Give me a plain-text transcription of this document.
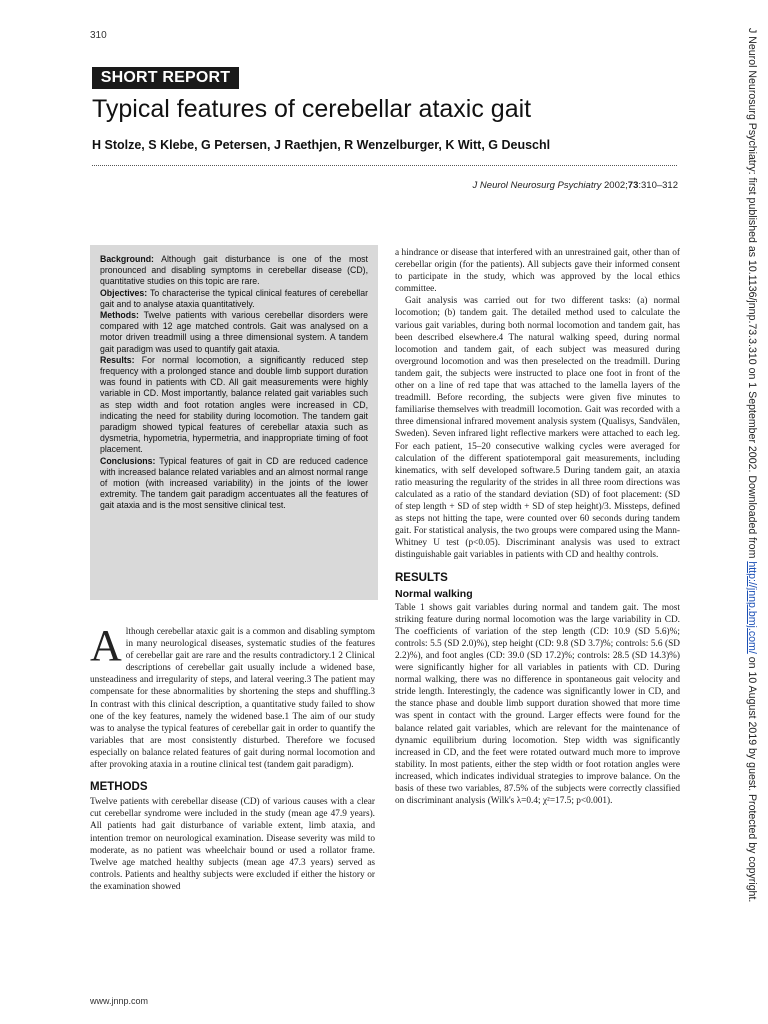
310
SHORT REPORT
Typical features of cerebellar ataxic gait
H Stolze, S Klebe, G Petersen, J Raethjen, R Wenzelburger, K Witt, G Deuschl
J Neurol Neurosurg Psychiatry 2002;73:310–312

Background: Although gait disturbance is one of the most pronounced and disabling symptoms in cerebellar disease (CD), quantitative studies on this topic are rare.

Objectives: To characterise the typical clinical features of cerebellar gait and to analyse ataxia quantitatively.

Methods: Twelve patients with various cerebellar disorders were compared with 12 age matched controls. Gait was analysed on a motor driven treadmill using a three dimensional system. A tandem gait paradigm was used to quantify gait ataxia.

Results: For normal locomotion, a significantly reduced step frequency with a prolonged stance and double limb support duration was found in patients with CD. All gait measurements were highly variable in CD. Most importantly, balance related gait variables such as step width and foot rotation angles were increased in CD, indicating the need for stability during locomotion. The tandem gait paradigm showed typical features of cerebellar ataxia such as dysmetria, hypometria, hypermetria, and inappropriate timing of foot placement.

Conclusions: Typical features of gait in CD are reduced cadence with increased balance related variables and an almost normal range of motion (with increased variability) in the joints of the lower extremity. The tandem gait paradigm accentuates all the features of gait ataxia and is the most sensitive clinical test.

Although cerebellar ataxic gait is a common and disabling symptom in many neurological diseases, systematic studies of the features of cerebellar gait are rare and the results contradictory.1 2 Clinical descriptions of cerebellar gait usually include a widened base, unsteadiness and irregularity of steps, and lateral veering.3 The patient may compensate for these abnormalities by shortening the steps and shuffling.3 In contrast with this clinical description, a quantitative study failed to show one of the key features, namely the widened base.1 The aim of our study was to analyse the typical features of cerebellar gait in order to quantify the variables that are most consistently disturbed. Therefore we focused especially on balance related features of gait during normal locomotion and after provoking ataxia in a routine clinical test (tandem gait paradigm).

METHODS

Twelve patients with cerebellar disease (CD) of various causes with a clear cut cerebellar syndrome were included in the study (mean age 47.9 years). All patients had gait disturbance of variable extent, limb ataxia, and intention tremor on neurological examination. Disease severity was mild to moderate, as no patient was wheelchair bound or used a rollator frame. Twelve age matched healthy subjects (mean age 47.3 years) served as controls. Patients and healthy subjects were excluded if either the history or the examination showed

a hindrance or disease that interfered with an unrestrained gait, other than of cerebellar origin (for the patients). All subjects gave their informed consent to participate in the study, which was approved by the local ethics committee.

Gait analysis was carried out for two different tasks: (a) normal locomotion; (b) tandem gait. The detailed method used to calculate the various gait variables, during both normal locomotion and tandem gait, has been described elsewhere.4 The natural walking speed, during normal locomotion and tandem gait, of each subject was measured during overground locomotion and was then preselected on the treadmill. During tandem gait, the subjects were instructed to place one foot in front of the other on a line of red tape that was attached to the lamella layers of the treadmill. Before recording, the subjects were given five minutes to familiarise themselves with treadmill locomotion. Gait was recorded with a three dimensional infrared movement analysis system (Qualisys, Sandvälen, Sweden). Seven infrared light reflective markers were attached to each leg. For each patient, 15–20 consecutive walking cycles were averaged for calculation of the different spatiotemporal gait measurements, including kinematics, with self developed software.5 During tandem gait, an ataxia ratio measuring the regularity of the strides in all three room directions was calculated as a ratio of the standard deviation (SD) of foot placement: (SD of step length + SD of step width + SD of step height)/3. Missteps, defined as steps not hitting the tape, were counted over 60 seconds during tandem gait. For statistical analysis, the two groups were compared using the Mann-Whitney U test (p<0.05). Discriminant analysis was used to extract distinguishable gait variables in patients with CD and healthy controls.

RESULTS
Normal walking

Table 1 shows gait variables during normal and tandem gait. The most striking feature during normal locomotion was the large variability in CD. The coefficients of variation of the step length (CD: 10.9 (SD 5.6)%; controls: 5.5 (SD 2.0)%), step height (CD: 9.8 (SD 3.7)%; controls: 5.6 (SD 2.2)%), and foot angles (CD: 39.0 (SD 17.2)%; controls: 28.5 (SD 14.3)%) were significantly higher for all variables in patients with CD. During normal walking, there was no difference in spontaneous gait velocity and stride length. Interestingly, the cadence was significantly lower in CD, and the stance phase and double limb support duration showed that more time was spent in contact with the ground. Larger effects were found for the balance related gait variables, which are relevant for the maintenance of dynamic equilibrium during locomotion. Step width was significantly increased in CD, and the feet were rotated outward much more to improve stability. In most patients, either the step width or foot rotation angles were increased, which indicates individual strategies to improve balance. On the basis of these two variables, 87.5% of the subjects were correctly classified on discriminant analysis (Wilk's λ=0.4; χ²=17.5; p<0.001).

www.jnnp.com
J Neurol Neurosurg Psychiatry: first published as 10.1136/jnnp.73.3.310 on 1 September 2002. Downloaded from http://jnnp.bmj.com/ on 10 August 2019 by guest. Protected by copyright.
